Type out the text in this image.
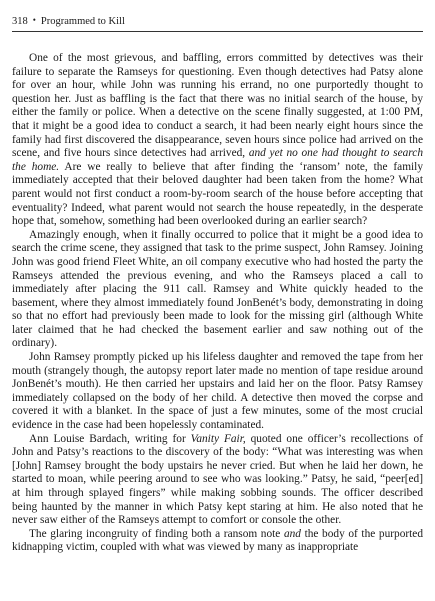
318 • Programmed to Kill

One of the most grievous, and baffling, errors committed by detectives was their failure to separate the Ramseys for questioning. Even though detectives had Patsy alone for over an hour, while John was running his errand, no one purportedly thought to question her. Just as baffling is the fact that there was no initial search of the house, by either the family or police. When a detective on the scene finally suggested, at 1:00 PM, that it might be a good idea to conduct a search, it had been nearly eight hours since the family had first discovered the disappearance, seven hours since police had arrived on the scene, and five hours since detectives had arrived, and yet no one had thought to search the home. Are we really to believe that after finding the ‘ransom’ note, the family immediately accepted that their beloved daughter had been taken from the home? What parent would not first conduct a room-by-room search of the house before accepting that eventuality? Indeed, what parent would not search the house repeatedly, in the desperate hope that, somehow, something had been overlooked during an earlier search?

Amazingly enough, when it finally occurred to police that it might be a good idea to search the crime scene, they assigned that task to the prime suspect, John Ramsey. Joining John was good friend Fleet White, an oil company executive who had hosted the party the Ramseys attended the previous evening, and who the Ramseys placed a call to immediately after placing the 911 call. Ramsey and White quickly headed to the basement, where they almost immediately found JonBenét’s body, demonstrating in doing so that no effort had previously been made to look for the missing girl (although White later claimed that he had checked the basement earlier and saw nothing out of the ordinary).

John Ramsey promptly picked up his lifeless daughter and removed the tape from her mouth (strangely though, the autopsy report later made no mention of tape residue around JonBenét’s mouth). He then carried her upstairs and laid her on the floor. Patsy Ramsey immediately collapsed on the body of her child. A detective then moved the corpse and covered it with a blanket. In the space of just a few minutes, some of the most crucial evidence in the case had been hopelessly contaminated.

Ann Louise Bardach, writing for Vanity Fair, quoted one officer’s recollections of John and Patsy’s reactions to the discovery of the body: “What was interesting was when [John] Ramsey brought the body upstairs he never cried. But when he laid her down, he started to moan, while peering around to see who was looking.” Patsy, he said, “peer[ed] at him through splayed fingers” while making sobbing sounds. The officer described being haunted by the manner in which Patsy kept staring at him. He also noted that he never saw either of the Ramseys attempt to comfort or console the other.

The glaring incongruity of finding both a ransom note and the body of the purported kidnapping victim, coupled with what was viewed by many as inappropriate
